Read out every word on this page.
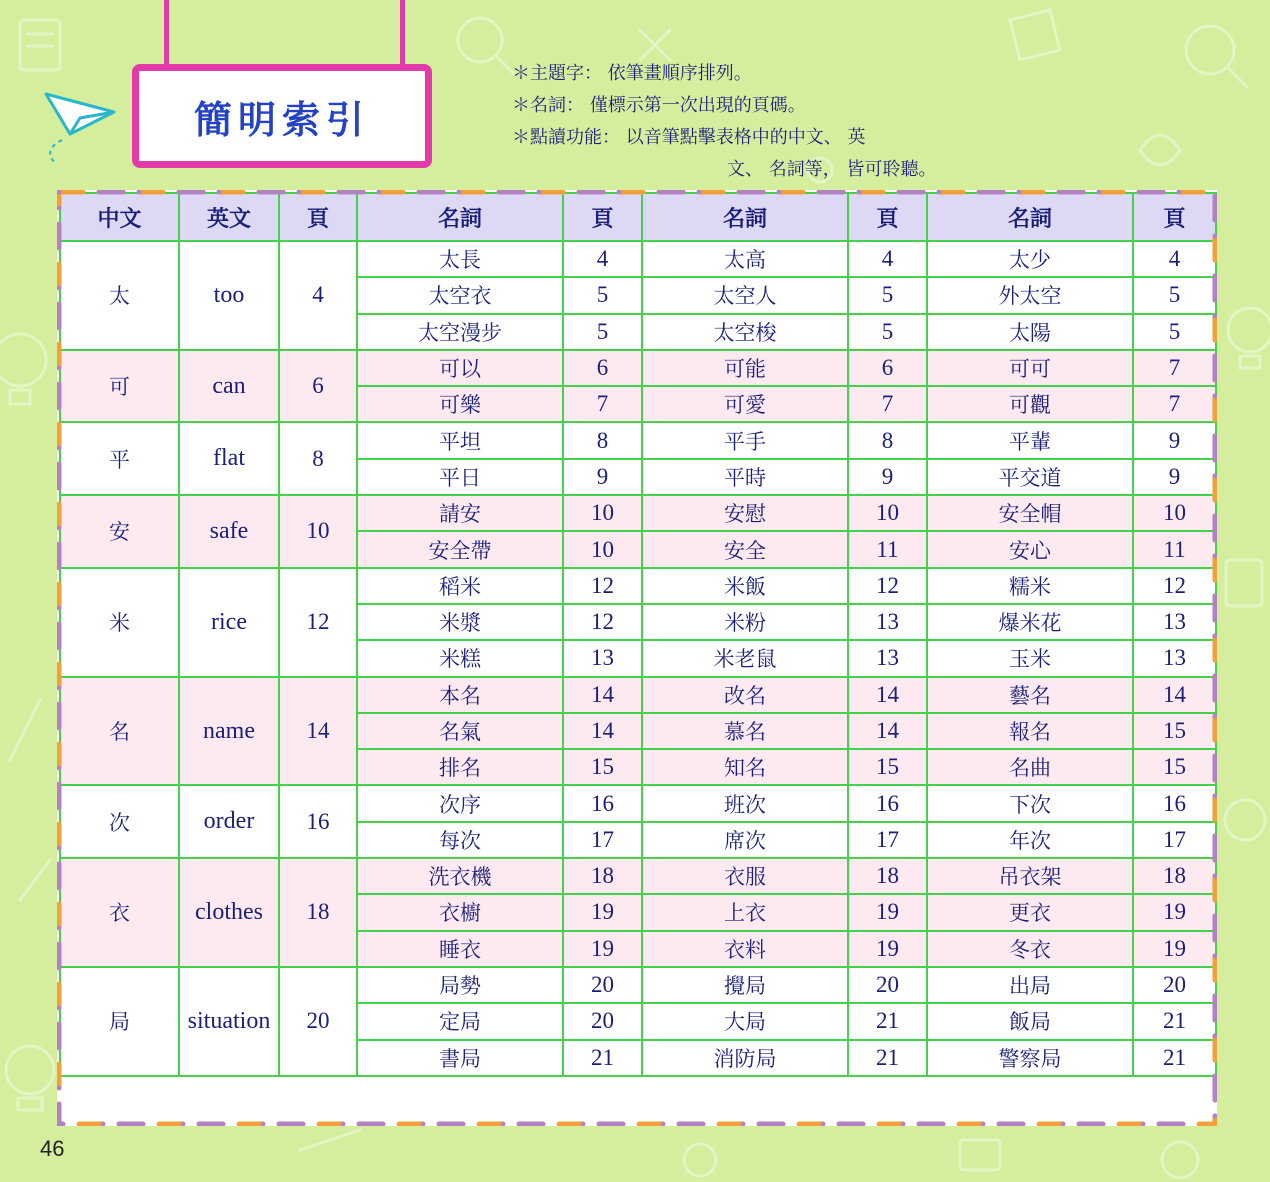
簡明索引
＊主題字： 依筆畫順序排列。
＊名詞： 僅標示第一次出現的頁碼。
＊點讀功能： 以音筆點擊表格中的中文、 英
文、 名詞等， 皆可聆聽。
中文	英文	頁	名詞	頁	名詞	頁	名詞	頁
太	too	4	太長	4	太高	4	太少	4
			太空衣	5	太空人	5	外太空	5
			太空漫步	5	太空梭	5	太陽	5
可	can	6	可以	6	可能	6	可可	7
			可樂	7	可愛	7	可觀	7
平	flat	8	平坦	8	平手	8	平輩	9
			平日	9	平時	9	平交道	9
安	safe	10	請安	10	安慰	10	安全帽	10
			安全帶	10	安全	11	安心	11
米	rice	12	稻米	12	米飯	12	糯米	12
			米漿	12	米粉	13	爆米花	13
			米糕	13	米老鼠	13	玉米	13
名	name	14	本名	14	改名	14	藝名	14
			名氣	14	慕名	14	報名	15
			排名	15	知名	15	名曲	15
次	order	16	次序	16	班次	16	下次	16
			每次	17	席次	17	年次	17
衣	clothes	18	洗衣機	18	衣服	18	吊衣架	18
			衣櫥	19	上衣	19	更衣	19
			睡衣	19	衣料	19	冬衣	19
局	situation	20	局勢	20	攪局	20	出局	20
			定局	20	大局	21	飯局	21
			書局	21	消防局	21	警察局	21
46
